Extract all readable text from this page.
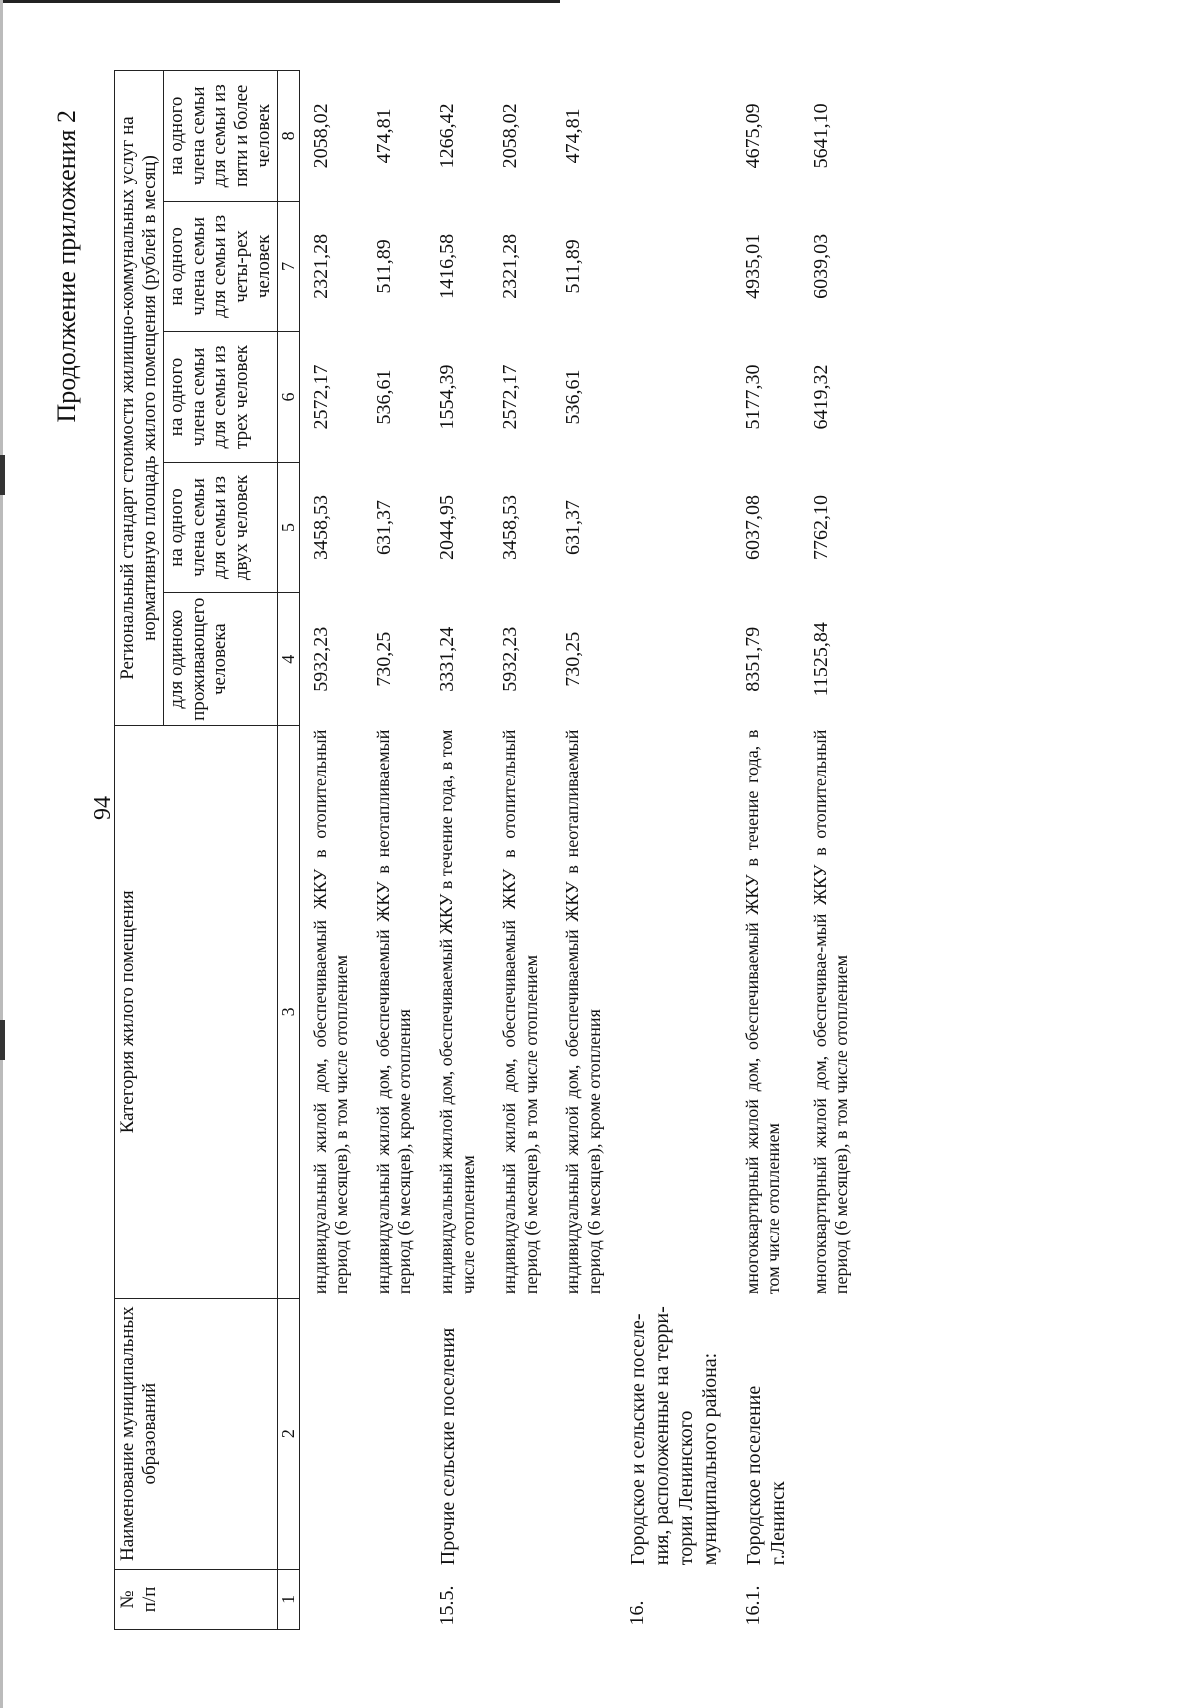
Продолжение приложения 2
№
п/п	Наименование муниципальных образований	Категория жилого помещения	Региональный стандарт стоимости жилищно-коммунальных услуг на нормативную площадь жилого помещения (рублей в месяц)				
			для одиноко проживающего человека	на одного члена семьи для семьи из двух человек	на одного члена семьи для семьи из трех человек	на одного члена семьи для семьи из четы-рех человек	на одного члена семьи для семьи из пяти и более человек
1	2	3	4	5	6	7	8
		индивидуальный жилой дом, обеспечиваемый ЖКУ в отопительный период (6 месяцев), в том числе отоплением	5932,23	3458,53	2572,17	2321,28	2058,02
		индивидуальный жилой дом, обеспечиваемый ЖКУ в неотапливаемый период (6 месяцев), кроме отопления	730,25	631,37	536,61	511,89	474,81
15.5.	Прочие сельские поселения	индивидуальный жилой дом, обеспечиваемый ЖКУ в течение года, в том числе отоплением	3331,24	2044,95	1554,39	1416,58	1266,42
		индивидуальный жилой дом, обеспечиваемый ЖКУ в отопительный период (6 месяцев), в том числе отоплением	5932,23	3458,53	2572,17	2321,28	2058,02
		индивидуальный жилой дом, обеспечиваемый ЖКУ в неотапливаемый период (6 месяцев), кроме отопления	730,25	631,37	536,61	511,89	474,81
16.	Городское и сельские поселе-ния, расположенные на терри-тории Ленинского муниципального района:						
16.1.	Городское поселение г.Ленинск	многоквартирный жилой дом, обеспечиваемый ЖКУ в течение года, в том числе отоплением	8351,79	6037,08	5177,30	4935,01	4675,09
		многоквартирный жилой дом, обеспечивае-мый ЖКУ в отопительный период (6 месяцев), в том числе отоплением	11525,84	7762,10	6419,32	6039,03	5641,10
94
